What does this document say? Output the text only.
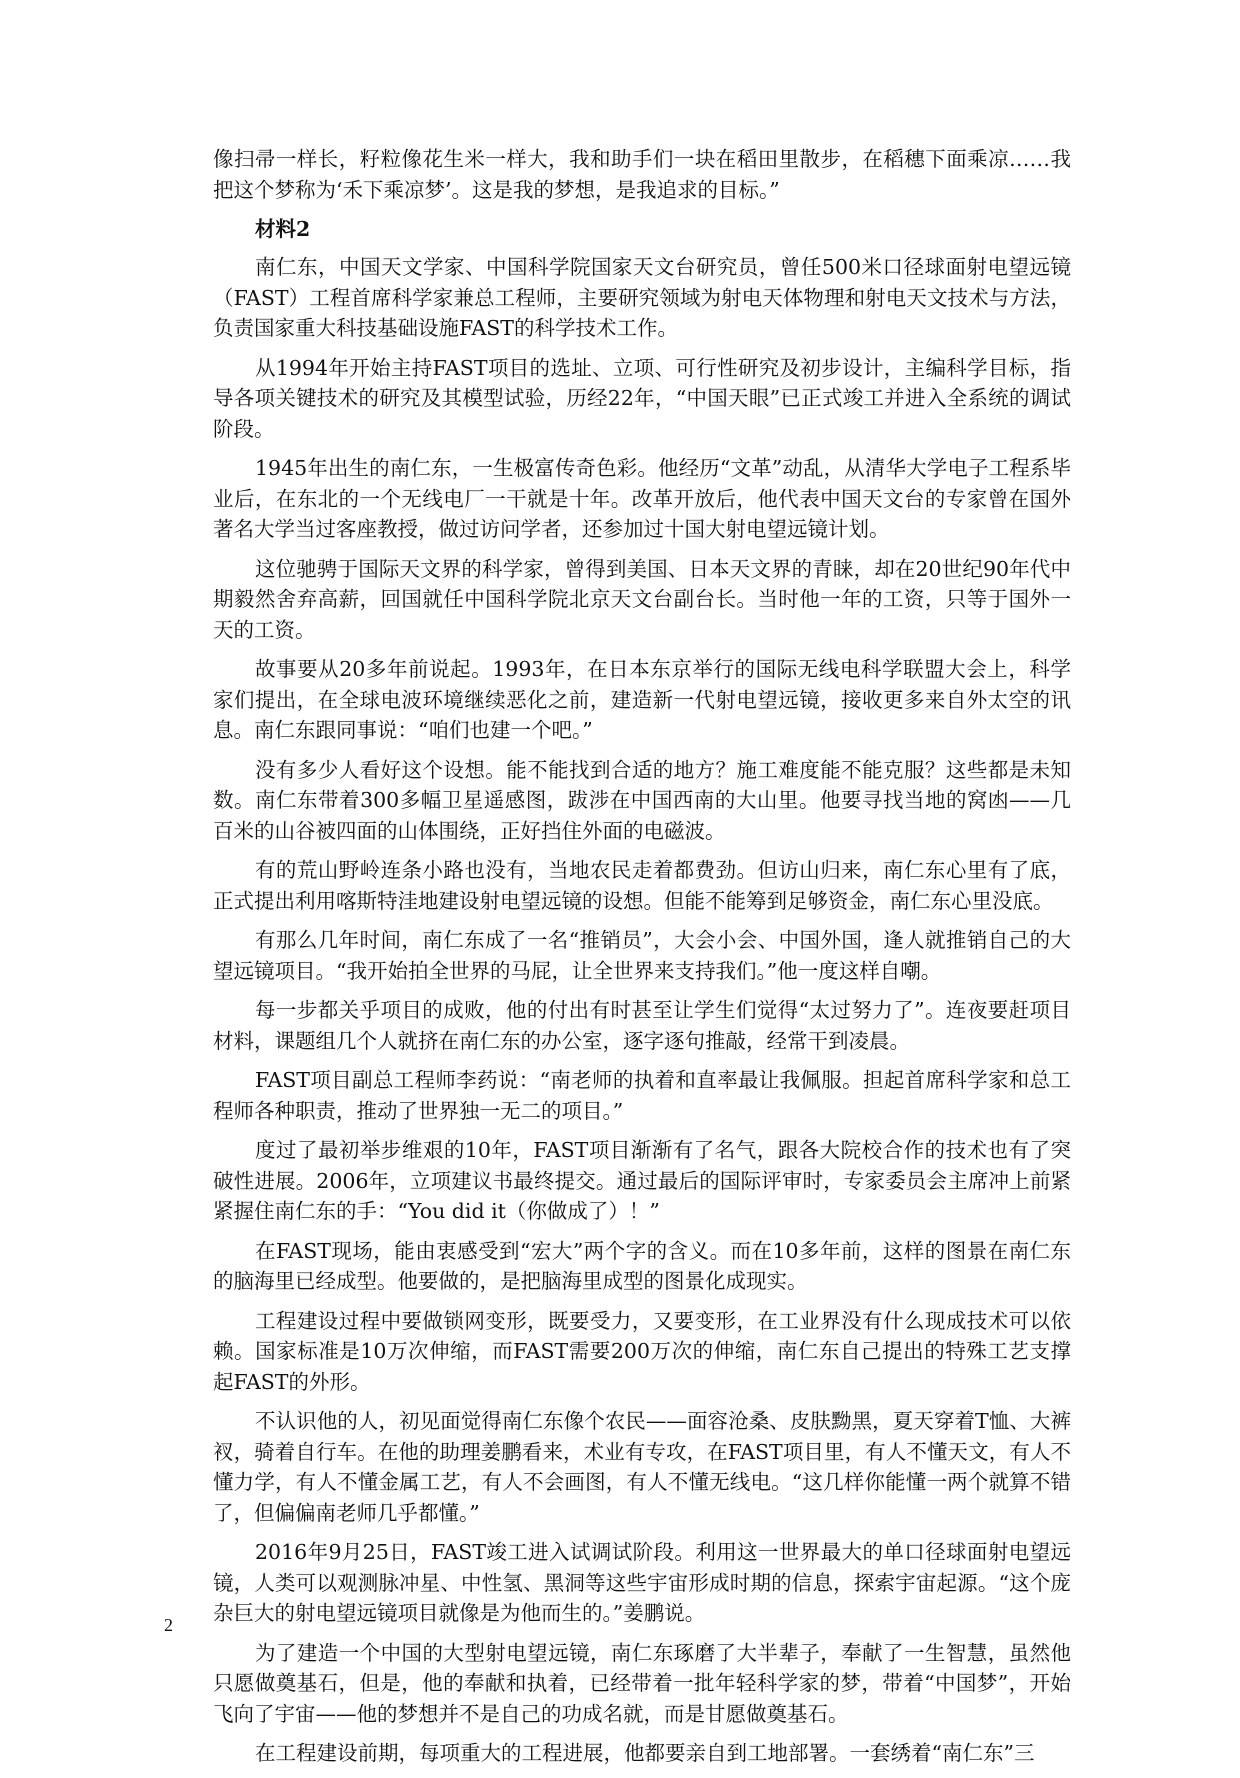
像扫帚一样长，籽粒像花生米一样大，我和助手们一块在稻田里散步，在稻穗下面乘凉……我把这个梦称为‘禾下乘凉梦’。这是我的梦想，是我追求的目标。”

材料2

南仁东，中国天文学家、中国科学院国家天文台研究员，曾任500米口径球面射电望远镜（FAST）工程首席科学家兼总工程师，主要研究领域为射电天体物理和射电天文技术与方法，负责国家重大科技基础设施FAST的科学技术工作。

从1994年开始主持FAST项目的选址、立项、可行性研究及初步设计，主编科学目标，指导各项关键技术的研究及其模型试验，历经22年，“中国天眼”已正式竣工并进入全系统的调试阶段。

1945年出生的南仁东，一生极富传奇色彩。他经历“文革”动乱，从清华大学电子工程系毕业后，在东北的一个无线电厂一干就是十年。改革开放后，他代表中国天文台的专家曾在国外著名大学当过客座教授，做过访问学者，还参加过十国大射电望远镜计划。

这位驰骋于国际天文界的科学家，曾得到美国、日本天文界的青睐，却在20世纪90年代中期毅然舍弃高薪，回国就任中国科学院北京天文台副台长。当时他一年的工资，只等于国外一天的工资。

故事要从20多年前说起。1993年，在日本东京举行的国际无线电科学联盟大会上，科学家们提出，在全球电波环境继续恶化之前，建造新一代射电望远镜，接收更多来自外太空的讯息。南仁东跟同事说：“咱们也建一个吧。”

没有多少人看好这个设想。能不能找到合适的地方？施工难度能不能克服？这些都是未知数。南仁东带着300多幅卫星遥感图，跋涉在中国西南的大山里。他要寻找当地的窝凼——几百米的山谷被四面的山体围绕，正好挡住外面的电磁波。

有的荒山野岭连条小路也没有，当地农民走着都费劲。但访山归来，南仁东心里有了底，正式提出利用喀斯特洼地建设射电望远镜的设想。但能不能筹到足够资金，南仁东心里没底。

有那么几年时间，南仁东成了一名“推销员”，大会小会、中国外国，逢人就推销自己的大望远镜项目。“我开始拍全世界的马屁，让全世界来支持我们。”他一度这样自嘲。

每一步都关乎项目的成败，他的付出有时甚至让学生们觉得“太过努力了”。连夜要赶项目材料，课题组几个人就挤在南仁东的办公室，逐字逐句推敲，经常干到凌晨。

FAST项目副总工程师李药说：“南老师的执着和直率最让我佩服。担起首席科学家和总工程师各种职责，推动了世界独一无二的项目。”

度过了最初举步维艰的10年，FAST项目渐渐有了名气，跟各大院校合作的技术也有了突破性进展。2006年，立项建议书最终提交。通过最后的国际评审时，专家委员会主席冲上前紧紧握住南仁东的手：“You did it（你做成了）！”

在FAST现场，能由衷感受到“宏大”两个字的含义。而在10多年前，这样的图景在南仁东的脑海里已经成型。他要做的，是把脑海里成型的图景化成现实。

工程建设过程中要做锁网变形，既要受力，又要变形，在工业界没有什么现成技术可以依赖。国家标准是10万次伸缩，而FAST需要200万次的伸缩，南仁东自己提出的特殊工艺支撑起FAST的外形。

不认识他的人，初见面觉得南仁东像个农民——面容沧桑、皮肤黝黑，夏天穿着T恤、大裤衩，骑着自行车。在他的助理姜鹏看来，术业有专攻，在FAST项目里，有人不懂天文，有人不懂力学，有人不懂金属工艺，有人不会画图，有人不懂无线电。“这几样你能懂一两个就算不错了，但偏偏南老师几乎都懂。”

2016年9月25日，FAST竣工进入试调试阶段。利用这一世界最大的单口径球面射电望远镜，人类可以观测脉冲星、中性氢、黑洞等这些宇宙形成时期的信息，探索宇宙起源。“这个庞杂巨大的射电望远镜项目就像是为他而生的。”姜鹏说。

为了建造一个中国的大型射电望远镜，南仁东琢磨了大半辈子，奉献了一生智慧，虽然他只愿做奠基石，但是，他的奉献和执着，已经带着一批年轻科学家的梦，带着“中国梦”，开始飞向了宇宙——他的梦想并不是自己的功成名就，而是甘愿做奠基石。

在工程建设前期，每项重大的工程进展，他都要亲自到工地部署。一套绣着“南仁东”三

2
